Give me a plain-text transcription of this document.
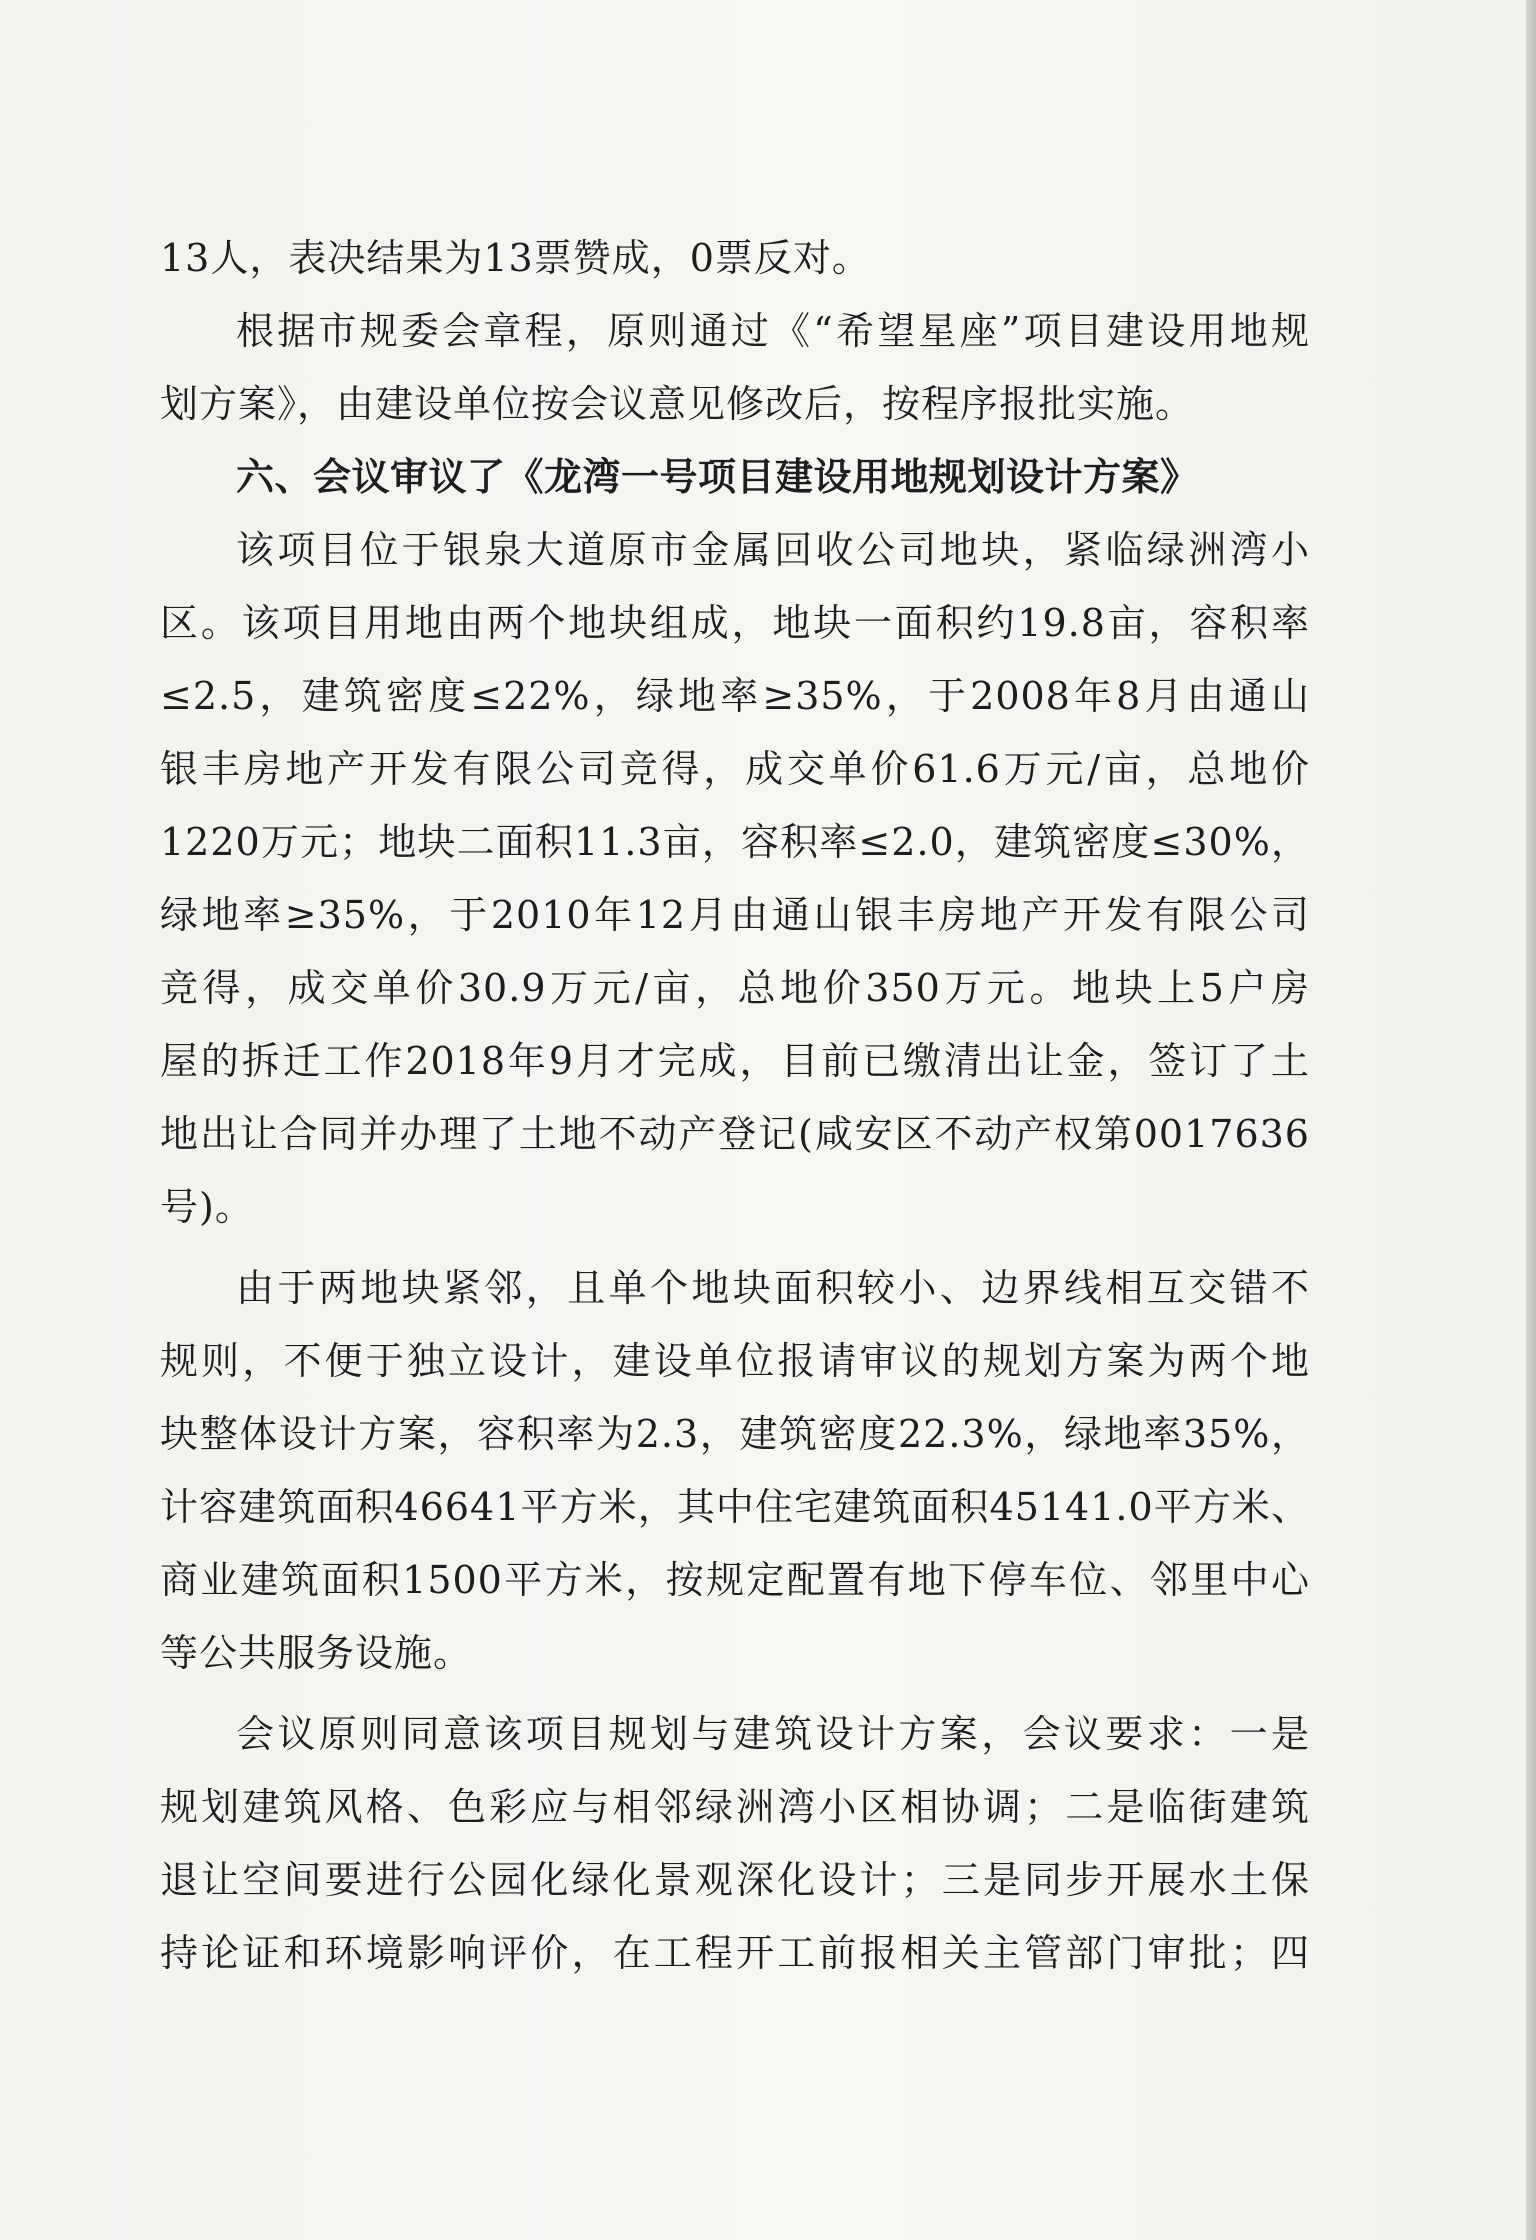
13人，表决结果为13票赞成，0票反对。
根据市规委会章程，原则通过《“希望星座”项目建设用地规
划方案》，由建设单位按会议意见修改后，按程序报批实施。
六、会议审议了《龙湾一号项目建设用地规划设计方案》
该项目位于银泉大道原市金属回收公司地块，紧临绿洲湾小
区。该项目用地由两个地块组成，地块一面积约19.8亩，容积率
≤2.5，建筑密度≤22%，绿地率≥35%，于2008年8月由通山
银丰房地产开发有限公司竞得，成交单价61.6万元/亩，总地价
1220万元；地块二面积11.3亩，容积率≤2.0，建筑密度≤30%，
绿地率≥35%，于2010年12月由通山银丰房地产开发有限公司
竞得，成交单价30.9万元/亩，总地价350万元。地块上5户房
屋的拆迁工作2018年9月才完成，目前已缴清出让金，签订了土
地出让合同并办理了土地不动产登记(咸安区不动产权第0017636
号)。
由于两地块紧邻，且单个地块面积较小、边界线相互交错不
规则，不便于独立设计，建设单位报请审议的规划方案为两个地
块整体设计方案，容积率为2.3，建筑密度22.3%，绿地率35%，
计容建筑面积46641平方米，其中住宅建筑面积45141.0平方米、
商业建筑面积1500平方米，按规定配置有地下停车位、邻里中心
等公共服务设施。
会议原则同意该项目规划与建筑设计方案，会议要求：一是
规划建筑风格、色彩应与相邻绿洲湾小区相协调；二是临街建筑
退让空间要进行公园化绿化景观深化设计；三是同步开展水土保
持论证和环境影响评价，在工程开工前报相关主管部门审批；四
